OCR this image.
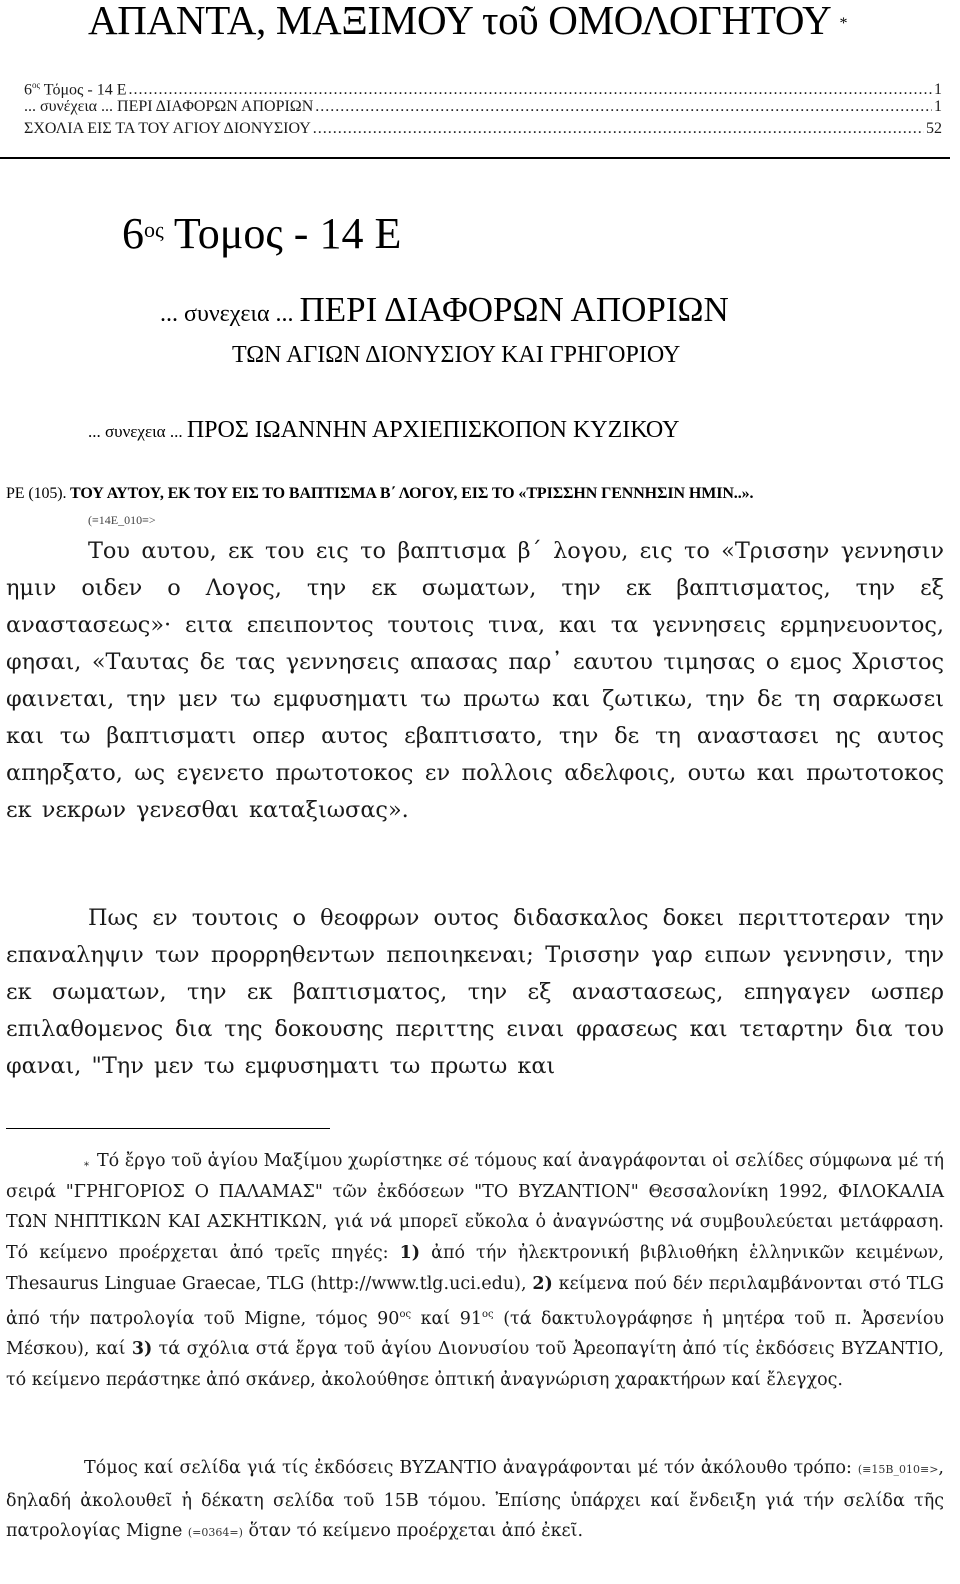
ΑΠΑΝΤΑ, ΜΑΞΙΜΟΥ τοῦ ΟΜΟΛΟΓΗΤΟΥ *
$6^{o\varsigma}$ Τόμος - 14 Ε .....	1
... συνέχεια ... ΠΕΡΙ ΔΙΑΦΟΡΩΝ ΑΠΟΡΙΩΝ .....	1
ΣΧΟΛΙΑ ΕΙΣ ΤΑ ΤΟΥ ΑΓΙΟΥ ΔΙΟΝΥΣΙΟΥ .....	52
$6^{o\varsigma}$ Τομος - 14 Ε
... συνεχεια ... ΠΕΡΙ ΔΙΑΦΟΡΩΝ ΑΠΟΡΙΩΝ
ΤΩΝ ΑΓΙΩΝ ΔΙΟΝΥΣΙΟΥ ΚΑΙ ΓΡΗΓΟΡΙΟΥ
... συνεχεια ... ΠΡΟΣ ΙΩΑΝΝΗΝ ΑΡΧΙΕΠΙΣΚΟΠΟΝ ΚΥΖΙΚΟΥ
ΡΕ (105). ΤΟΥ ΑΥΤΟΥ, ΕΚ ΤΟΥ ΕΙΣ ΤΟ ΒΑΠΤΙΣΜΑ Β΄ ΛΟΓΟΥ, ΕΙΣ ΤΟ «ΤΡΙΣΣΗΝ ΓΕΝΝΗΣΙΝ ΗΜΙΝ..».
(≡14Ε_010≡>
Του αυτου, εκ του εις το βαπτισμα β΄ λογου, εις το «Τρισσην γεννησιν ημιν οιδεν ο Λογος, την εκ σωματων, την εκ βαπτισματος, την εξ αναστασεως»· ειτα επειποντος τουτοις τινα, και τα γεννησεις ερμηνευοντος, φησαι, «Ταυτας δε τας γεννησεις απασας παρ᾽ εαυτου τιμησας ο εμος Χριστος φαινεται, την μεν τω εμφυσηματι τω πρωτω και ζωτικω, την δε τη σαρκωσει και τω βαπτισματι οπερ αυτος εβαπτισατο, την δε τη αναστασει ης αυτος απηρξατο, ως εγενετο πρωτοτοκος εν πολλοις αδελφοις, ουτω και πρωτοτοκος εκ νεκρων γενεσθαι καταξιωσας».
Πως εν τουτοις ο θεοφρων ουτος διδασκαλος δοκει περιττοτεραν την επαναληψιν των προρρηθεντων πεποιηκεναι; Τρισσην γαρ ειπων γεννησιν, την εκ σωματων, την εκ βαπτισματος, την εξ αναστασεως, επηγαγεν ωσπερ επιλαθομενος δια της δοκουσης περιττης ειναι φρασεως και τεταρτην δια του φαναι, "Την μεν τω εμφυσηματι τω πρωτω και
* Τό ἔργο τοῦ ἁγίου Μαξίμου χωρίστηκε σέ τόμους καί ἀναγράφονται οἱ σελίδες σύμφωνα μέ τή σειρά "ΓΡΗΓΟΡΙΟΣ Ο ΠΑΛΑΜΑΣ" τῶν ἐκδόσεων "ΤΟ ΒΥΖΑΝΤΙΟΝ" Θεσσαλονίκη 1992, ΦΙΛΟΚΑΛΙΑ ΤΩΝ ΝΗΠΤΙΚΩΝ ΚΑΙ ΑΣΚΗΤΙΚΩΝ, γιά νά μπορεῖ εὔκολα ὁ ἀναγνώστης νά συμβουλεύεται μετάφραση. Τό κείμενο προέρχεται ἀπό τρεῖς πηγές: 1) ἀπό τήν ἠλεκτρονική βιβλιοθήκη ἑλληνικῶν κειμένων, Thesaurus Linguae Graecae, TLG (http://www.tlg.uci.edu), 2) κείμενα πού δέν περιλαμβάνονται στό TLG ἀπό τήν πατρολογία τοῦ Migne, τόμος $90^{o\varsigma}$ καί $91^{o\varsigma}$ (τά δακτυλογράφησε ἡ μητέρα τοῦ π. Ἀρσενίου Μέσκου), καί 3) τά σχόλια στά ἔργα τοῦ ἁγίου Διονυσίου τοῦ Ἀρεοπαγίτη ἀπό τίς ἐκδόσεις ΒΥΖΑΝΤΙΟ, τό κείμενο περάστηκε ἀπό σκάνερ, ἀκολούθησε ὀπτική ἀναγνώριση χαρακτήρων καί ἔλεγχος.
Τόμος καί σελίδα γιά τίς ἐκδόσεις ΒΥΖΑΝΤΙΟ ἀναγράφονται μέ τόν ἀκόλουθο τρόπο: (≡15Β_010≡>, δηλαδή ἀκολουθεῖ ἡ δέκατη σελίδα τοῦ 15Β τόμου. Ἐπίσης ὑπάρχει καί ἔνδειξη γιά τήν σελίδα τῆς πατρολογίας Migne (=0364=) ὅταν τό κείμενο προέρχεται ἀπό ἐκεῖ.
